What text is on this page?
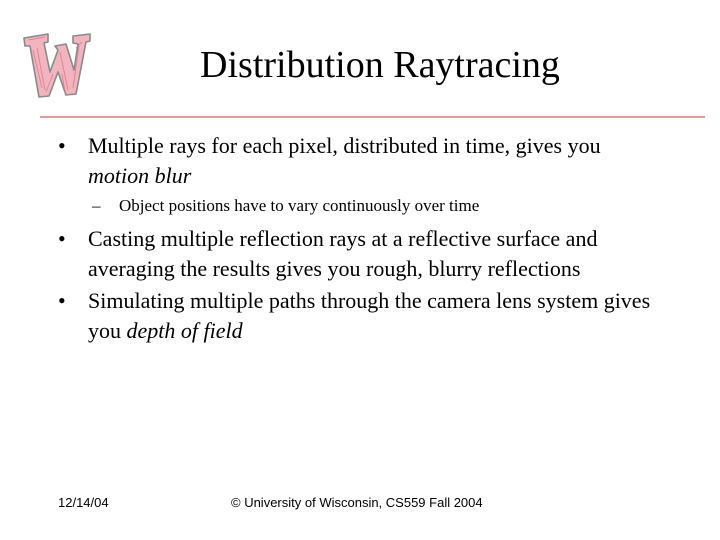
Distribution Raytracing
• Multiple rays for each pixel, distributed in time, gives you
motion blur
– Object positions have to vary continuously over time
• Casting multiple reflection rays at a reflective surface and averaging the results gives you rough, blurry reflections
• Simulating multiple paths through the camera lens system gives you depth of field
12/14/04	© University of Wisconsin, CS559 Fall 2004
